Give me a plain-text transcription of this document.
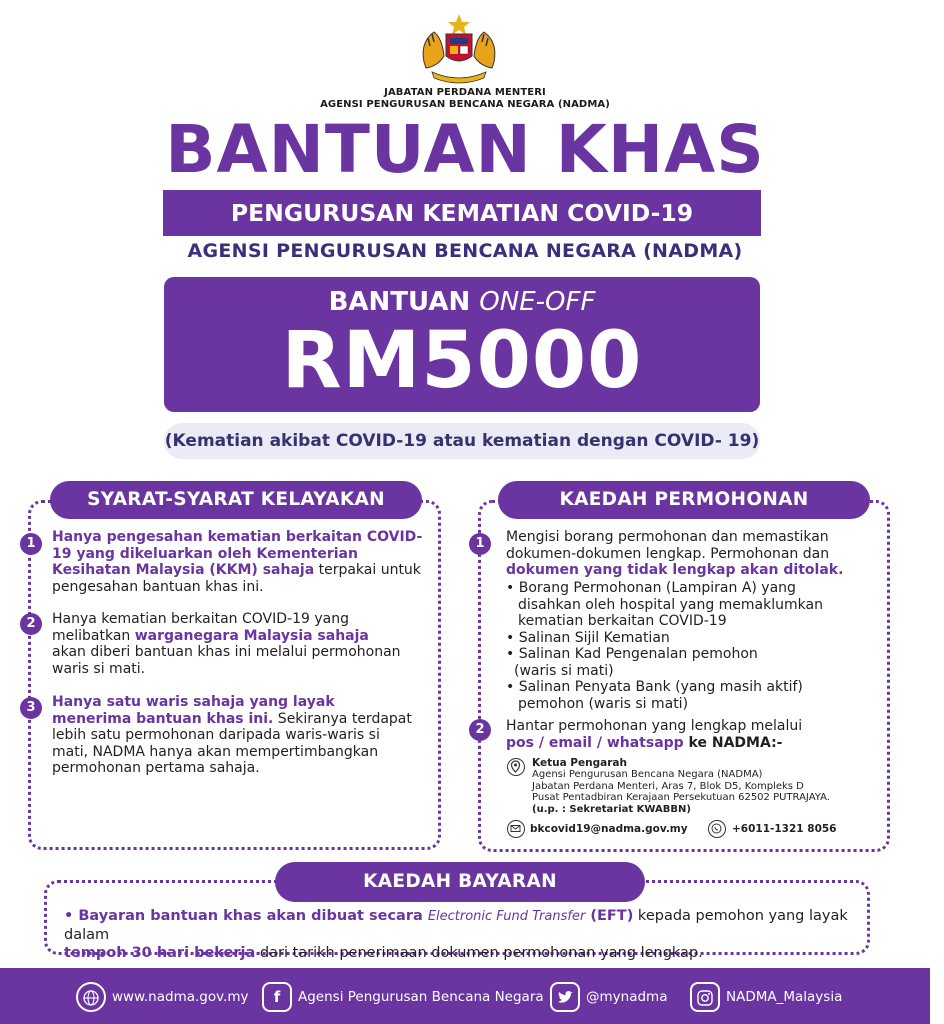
JABATAN PERDANA MENTERI
AGENSI PENGURUSAN BENCANA NEGARA (NADMA)
BANTUAN KHAS
PENGURUSAN KEMATIAN COVID-19
AGENSI PENGURUSAN BENCANA NEGARA (NADMA)
BANTUAN ONE-OFF
RM5000
(Kematian akibat COVID-19 atau kematian dengan COVID- 19)
SYARAT-SYARAT KELAYAKAN
1	Hanya pengesahan kematian berkaitan COVID-19 yang dikeluarkan oleh Kementerian Kesihatan Malaysia (KKM) sahaja terpakai untuk pengesahan bantuan khas ini.
2	Hanya kematian berkaitan COVID-19 yang melibatkan warganegara Malaysia sahaja akan diberi bantuan khas ini melalui permohonan waris si mati.
3	Hanya satu waris sahaja yang layak menerima bantuan khas ini. Sekiranya terdapat lebih satu permohonan daripada waris-waris si mati, NADMA hanya akan mempertimbangkan permohonan pertama sahaja.
KAEDAH PERMOHONAN
1	Mengisi borang permohonan dan memastikan dokumen-dokumen lengkap. Permohonan dan dokumen yang tidak lengkap akan ditolak.
• Borang Permohonan (Lampiran A) yang
disahkan oleh hospital yang memaklumkan
kematian berkaitan COVID-19
• Salinan Sijil Kematian
• Salinan Kad Pengenalan pemohon
(waris si mati)
• Salinan Penyata Bank (yang masih aktif)
pemohon (waris si mati)
2	Hantar permohonan yang lengkap melalui
pos / email / whatsapp ke NADMA:-
Ketua Pengarah
Agensi Pengurusan Bencana Negara (NADMA)
Jabatan Perdana Menteri, Aras 7, Blok D5, Kompleks D
Pusat Pentadbiran Kerajaan Persekutuan 62502 PUTRAJAYA.
(u.p. : Sekretariat KWABBN)
bkcovid19@nadma.gov.my	+6011-1321 8056
KAEDAH BAYARAN
• Bayaran bantuan khas akan dibuat secara Electronic Fund Transfer (EFT) kepada pemohon yang layak dalam
tempoh 30 hari bekerja dari tarikh penerimaan dokumen permohonan yang lengkap.
www.nadma.gov.my	f Agensi Pengurusan Bencana Negara	@mynadma	NADMA_Malaysia
